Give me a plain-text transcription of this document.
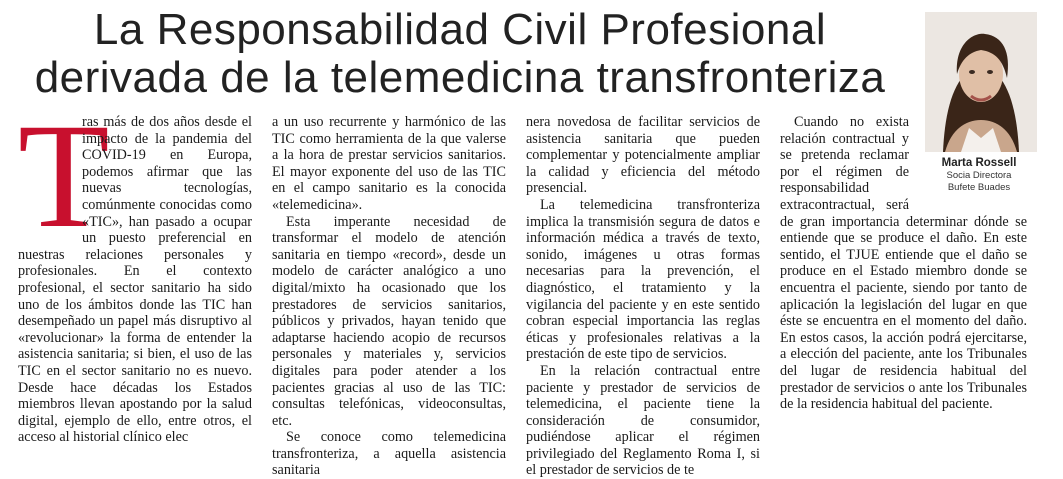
La Responsabilidad Civil Profesional
derivada de la telemedicina transfronteriza
Marta Rossell
Socia Directora
Bufete Buades
T

ras más de dos años desde el impacto de la pandemia del COVID-19 en Europa, podemos afirmar que las nuevas tecnologías, comúnmente conocidas como «TIC», han pasado a ocupar un puesto preferencial en nuestras relaciones personales y profesionales. En el contexto profesional, el sector sanitario ha sido uno de los ámbitos donde las TIC han desempeñado un papel más disruptivo al «revolucionar» la forma de entender la asistencia sanitaria; si bien, el uso de las TIC en el sector sanitario no es nuevo. Desde hace décadas los Estados miembros llevan apostando por la salud digital, ejemplo de ello, entre otros, el acceso al historial clínico elec

a un uso recurrente y harmónico de las TIC como herramienta de la que valerse a la hora de prestar servicios sanitarios. El mayor exponente del uso de las TIC en el campo sanitario es la conocida «telemedicina».

Esta imperante necesidad de transformar el modelo de atención sanitaria en tiempo «record», desde un modelo de carácter analógico a uno digital/mixto ha ocasionado que los prestadores de servicios sanitarios, públicos y privados, hayan tenido que adaptarse haciendo acopio de recursos personales y materiales y, servicios digitales para poder atender a los pacientes gracias al uso de las TIC: consultas telefónicas, videoconsultas, etc.

Se conoce como telemedicina transfronteriza, a aquella asistencia sanitaria

nera novedosa de facilitar servicios de asistencia sanitaria que pueden complementar y potencialmente ampliar la calidad y eficiencia del método presencial.

La telemedicina transfronteriza implica la transmisión segura de datos e información médica a través de texto, sonido, imágenes u otras formas necesarias para la prevención, el diagnóstico, el tratamiento y la vigilancia del paciente y en este sentido cobran especial importancia las reglas éticas y profesionales relativas a la prestación de este tipo de servicios.

En la relación contractual entre paciente y prestador de servicios de telemedicina, el paciente tiene la consideración de consumidor, pudiéndose aplicar el régimen privilegiado del Reglamento Roma I, si el prestador de servicios de te

Cuando no exista relación contractual y se pretenda reclamar por el régimen de responsabilidad extracontractual, será de gran importancia determinar dónde se entiende que se produce el daño. En este sentido, el TJUE entiende que el daño se produce en el Estado miembro donde se encuentra el paciente, siendo por tanto de aplicación la legislación del lugar en que éste se encuentra en el momento del daño. En estos casos, la acción podrá ejercitarse, a elección del paciente, ante los Tribunales del lugar de residencia habitual del prestador de servicios o ante los Tribunales de la residencia habitual del paciente.
